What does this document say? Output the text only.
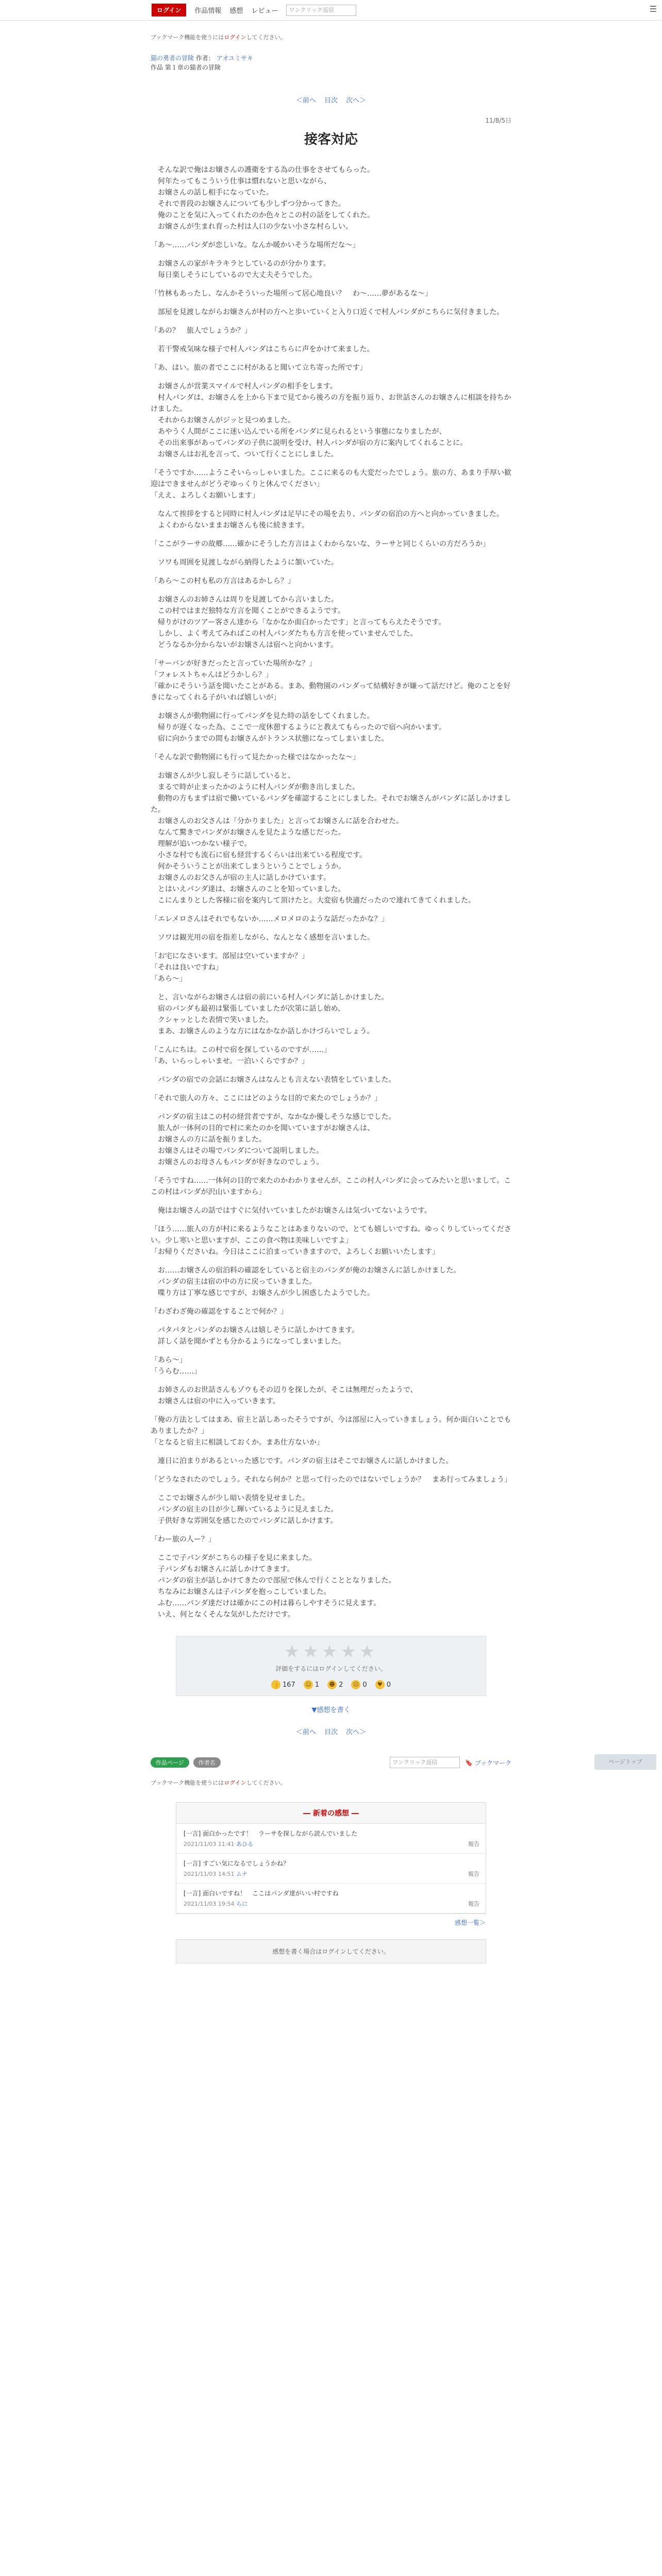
ログイン	作品情報 感想 レビュー	ワンクリック返信	☰
ブックマーク機能を使うにはログインしてください。
猫の勇者の冒険 作者： アオユミサキ
作品 第１章の猫者の冒険
＜前へ 目次 次へ＞
11/8/5日
接客対応

　そんな訳で俺はお嬢さんの護衛をする為の仕事をさせてもらった。
　何年たってもこういう仕事は慣れないと思いながら、
　お嬢さんの話し相手になっていた。
　それで普段のお嬢さんについても少しずつ分かってきた。
　俺のことを気に入ってくれたのか色々とこの村の話をしてくれた。
　お嬢さんが生まれ育った村は人口の少ない小さな村らしい。

「あ～……パンダが恋しいな。なんか暖かいそうな場所だな～」

　お嬢さんの家がキラキラとしているのが分かります。
　毎日楽しそうにしているので大丈夫そうでした。

「竹林もあったし、なんかそういった場所って居心地良い？　わ～……夢があるな～」

　部屋を見渡しながらお嬢さんが村の方へと歩いていくと入り口近くで村人パンダがこちらに気付きました。

「あの？　旅人でしょうか？」

　若干警戒気味な様子で村人パンダはこちらに声をかけて来ました。

「あ、はい。旅の者でここに村があると聞いて立ち寄った所です」

　お嬢さんが営業スマイルで村人パンダの相手をします。
　村人パンダは、お嬢さんを上から下まで見てから後ろの方を振り返り、お世話さんのお嬢さんに相談を持ちかけました。
　それからお嬢さんがジッと見つめました。
　あやうく人間がここに迷い込んでいる所をパンダに見られるという事態になりましたが、
　その出来事があってパンダの子供に説明を受け、村人パンダが宿の方に案内してくれることに。
　お嬢さんはお礼を言って、ついて行くことにしました。

「そうですか……ようこそいらっしゃいました。ここに来るのも大変だったでしょう。旅の方、あまり手厚い歓迎はできませんがどうぞゆっくりと休んでください」
「ええ、よろしくお願いします」

　なんて挨拶をすると同時に村人パンダは足早にその場を去り、パンダの宿泊の方へと向かっていきました。
　よくわからないままお嬢さんも後に続きます。

「ここがラーサの故郷……確かにそうした方言はよくわからないな、ラーサと同じくらいの方だろうか」

　ソワも周囲を見渡しながら納得したように頷いていた。

「あら～この村も私の方言はあるかしら？」

　お嬢さんのお姉さんは周りを見渡してから言いました。
　この村ではまだ独特な方言を聞くことができるようです。
　帰りがけのツアー客さん達から「なかなか面白かったです」と言ってもらえたそうです。
　しかし、よく考えてみればこの村人パンダたちも方言を使っていませんでした。
　どうなるか分からないがお嬢さんは宿へと向かいます。

「サーバンが好きだったと言っていた場所かな？」
「フォレストちゃんはどうかしら？」
「確かにそういう話を聞いたことがある。まあ、動物園のパンダって結構好きが嫌って話だけど。俺のことを好きになってくれる子がいれば嬉しいが」

　お嬢さんが動物園に行ってパンダを見た時の話をしてくれました。
　帰りが遅くなった為、ここで一度休憩するようにと教えてもらったので宿へ向かいます。
　宿に向かうまでの間もお嬢さんがトランス状態になってしまいました。

「そんな訳で動物園にも行って見たかった様ではなかったな～」

　お嬢さんが少し寂しそうに話していると、
　まるで時が止まったかのように村人パンダが動き出しました。
　動物の方もまずは宿で働いているパンダを確認することにしました。それでお嬢さんがパンダに話しかけました。
　お嬢さんのお父さんは「分かりました」と言ってお嬢さんに話を合わせた。
　なんて驚きでパンダがお嬢さんを見たような感じだった。
　理解が追いつかない様子で。
　小さな村でも流石に宿も経営するくらいは出来ている程度です。
　何かそういうことが出来てしまうということでしょうか。
　お嬢さんのお父さんが宿の主人に話しかけています。
　とはいえパンダ達は、お嬢さんのことを知っていました。
　こにんまりとした客様に宿を案内して頂けたと。大変宿も快適だったので連れてきてくれました。

「エレメロさんはそれでもないか……メロメロのような話だったかな？」

　ソワは観光用の宿を指差しながら、なんとなく感想を言いました。

「お宅になさいます。部屋は空いていますか？」
「それは良いですね」
「あら～」

　と、言いながらお嬢さんは宿の前にいる村人パンダに話しかけました。
　宿のパンダも最初は緊張していましたが次第に話し始め、
　クシャッとした表情で笑いました。
　まあ、お嬢さんのような方にはなかなか話しかけづらいでしょう。

「こんにちは。この村で宿を探しているのですが……」
「あ、いらっしゃいませ。一泊いくらですか？」

　パンダの宿での会話にお嬢さんはなんとも言えない表情をしていました。

「それで旅人の方々、ここにはどのような目的で来たのでしょうか？」

　パンダの宿主はこの村の経営者ですが、なかなか優しそうな感じでした。
　旅人が一体何の目的で村に来たのかを聞いていますがお嬢さんは、
　お嬢さんの方に話を振りました。
　お嬢さんはその場でパンダについて説明しました。
　お嬢さんのお母さんもパンダが好きなのでしょう。

「そうですね……一体何の目的で来たのかわかりませんが、ここの村人パンダに会ってみたいと思いまして。ここの村はパンダが沢山いますから」

　俺はお嬢さんの話ではすぐに気付いていましたがお嬢さんは気づいてないようです。

「ほう……旅人の方が村に来るようなことはあまりないので、とても嬉しいですね。ゆっくりしていってください。少し寒いと思いますが、ここの食べ物は美味しいですよ」
「お帰りくださいね。今日はここに泊まっていきますので、よろしくお願いいたします」

　お……お嬢さんの宿泊料の確認をしていると宿主のパンダが俺のお嬢さんに話しかけました。
　パンダの宿主は宿の中の方に戻っていきました。
　喋り方は丁寧な感じですが、お嬢さんが少し困惑したようでした。

「わざわざ俺の確認をすることで何か？」

　パタパタとパンダのお嬢さんは嬉しそうに話しかけてきます。
　詳しく話を聞かずとも分かるようになってしまいました。

「あら～」
「うらむ……」

　お姉さんのお世話さんもゾウもその辺りを探したが、そこは無理だったようで、
　お嬢さんは宿の中に入っていきます。

「俺の方法としてはまあ、宿主と話しあったそうですが、今は部屋に入っていきましょう。何か面白いことでもありましたか？」
「となると宿主に相談しておくか。まあ仕方ないか」

　連日に泊まりがあるといった感じです。パンダの宿主はそこでお嬢さんに話しかけました。

「どうなされたのでしょう。それなら何か？と思って行ったのではないでしょうか？　まあ行ってみましょう」

　ここでお嬢さんが少し暗い表情を見せました。
　パンダの宿主の目が少し輝いているように見えました。
　子供好きな雰囲気を感じたのでパンダに話しかけます。

「わー旅の人ー？」

　ここで子パンダがこちらの様子を見に来ました。
　子パンダもお嬢さんに話しかけてきます。
　パンダの宿主が話しかけてきたので部屋で休んで行くこととなりました。
　ちなみにお嬢さんは子パンダを抱っこしていました。
　ふむ……パンダ達だけは確かにこの村は暮らしやすそうに見えます。
　いえ、何となくそんな気がしただけです。

★★★★★
評価をするにはログインしてください。
👍 167 ☺ 1 ☻ 2 ☹ 0	♥ 0
▼感想を書く
＜前へ 目次 次へ＞
作品ページ	作者名	ワンクリック返信	🔖 ブックマーク
ブックマーク機能を使うにはログインしてください。
― 新着の感想 ―
[一言] 面白かったです！　ラーサを探しながら読んでいました
2021/11/03 11:41 あひる	報告
[一言] すごい気になるでしょうかね？
2021/11/03 14:51 ムナ	報告
[一言] 面白いですね！　ここはパンダ達がいい村ですね
2021/11/03 19:54 らに	報告
感想一覧＞
感想を書く場合はログインしてください。
ページトップ
